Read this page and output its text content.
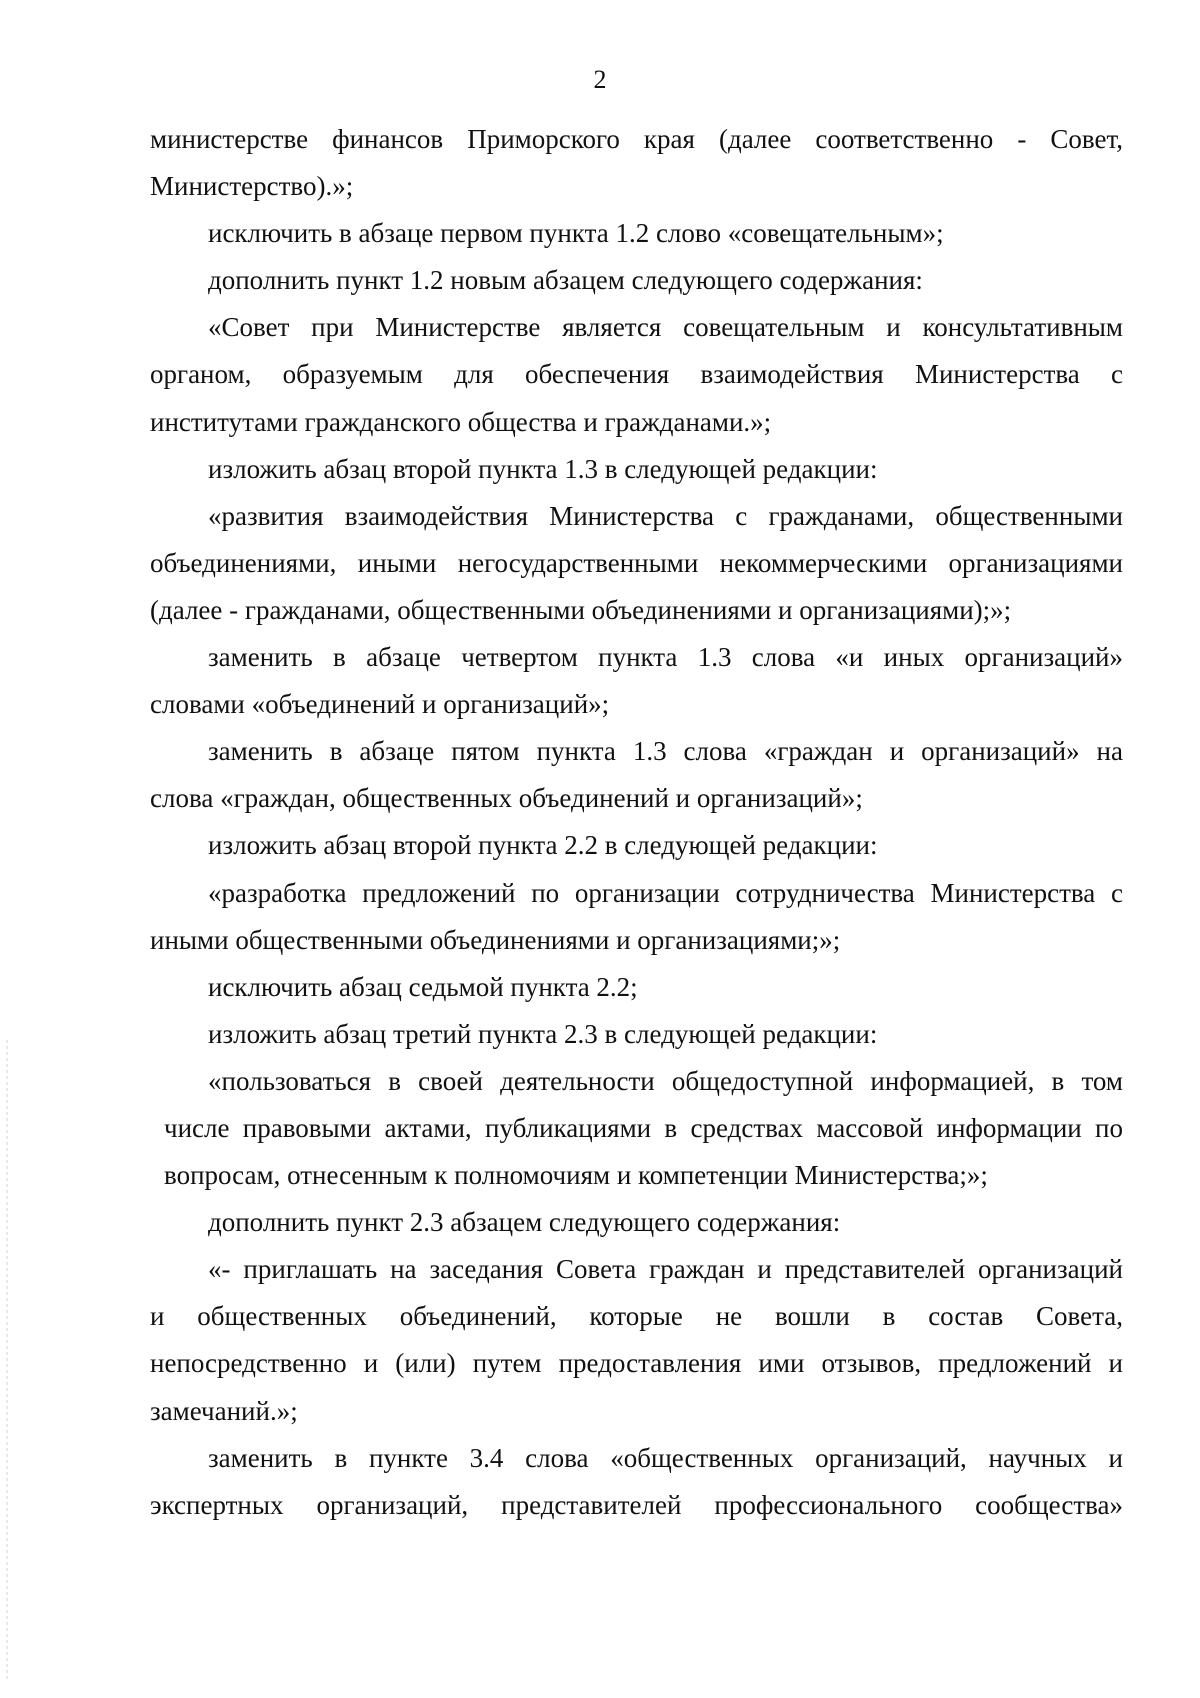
2
министерстве финансов Приморского края (далее соответственно - Совет,
Министерство).»;
исключить в абзаце первом пункта 1.2 слово «совещательным»;
дополнить пункт 1.2 новым абзацем следующего содержания:
«Совет при Министерстве является совещательным и консультативным
органом, образуемым для обеспечения взаимодействия Министерства с
институтами гражданского общества и гражданами.»;
изложить абзац второй пункта 1.3 в следующей редакции:
«развития взаимодействия Министерства с гражданами, общественными
объединениями, иными негосударственными некоммерческими организациями
(далее - гражданами, общественными объединениями и организациями);»;
заменить в абзаце четвертом пункта 1.3 слова «и иных организаций»
словами «объединений и организаций»;
заменить в абзаце пятом пункта 1.3 слова «граждан и организаций» на
слова «граждан, общественных объединений и организаций»;
изложить абзац второй пункта 2.2 в следующей редакции:
«разработка предложений по организации сотрудничества Министерства с
иными общественными объединениями и организациями;»;
исключить абзац седьмой пункта 2.2;
изложить абзац третий пункта 2.3 в следующей редакции:
«пользоваться в своей деятельности общедоступной информацией, в том
числе правовыми актами, публикациями в средствах массовой информации по
вопросам, отнесенным к полномочиям и компетенции Министерства;»;
дополнить пункт 2.3 абзацем следующего содержания:
«- приглашать на заседания Совета граждан и представителей организаций
и общественных объединений, которые не вошли в состав Совета,
непосредственно и (или) путем предоставления ими отзывов, предложений и
замечаний.»;
заменить в пункте 3.4 слова «общественных организаций, научных и
экспертных организаций, представителей профессионального сообщества»
